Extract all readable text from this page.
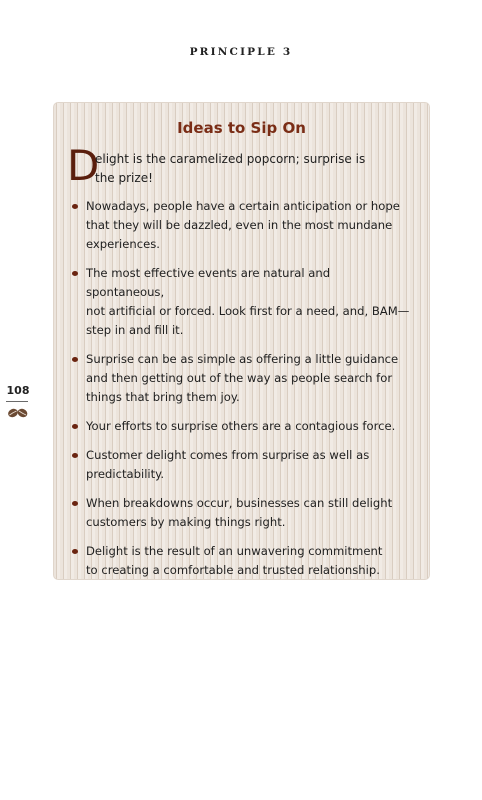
PRINCIPLE 3
108
Ideas to Sip On
D
elight is the caramelized popcorn; surprise is
the prize!
Nowadays, people have a certain anticipation or hope
that they will be dazzled, even in the most mundane
experiences.
The most effective events are natural and spontaneous,
not artificial or forced. Look first for a need, and, BAM—
step in and fill it.
Surprise can be as simple as offering a little guidance
and then getting out of the way as people search for
things that bring them joy.
Your efforts to surprise others are a contagious force.
Customer delight comes from surprise as well as
predictability.
When breakdowns occur, businesses can still delight
customers by making things right.
Delight is the result of an unwavering commitment
to creating a comfortable and trusted relationship.
